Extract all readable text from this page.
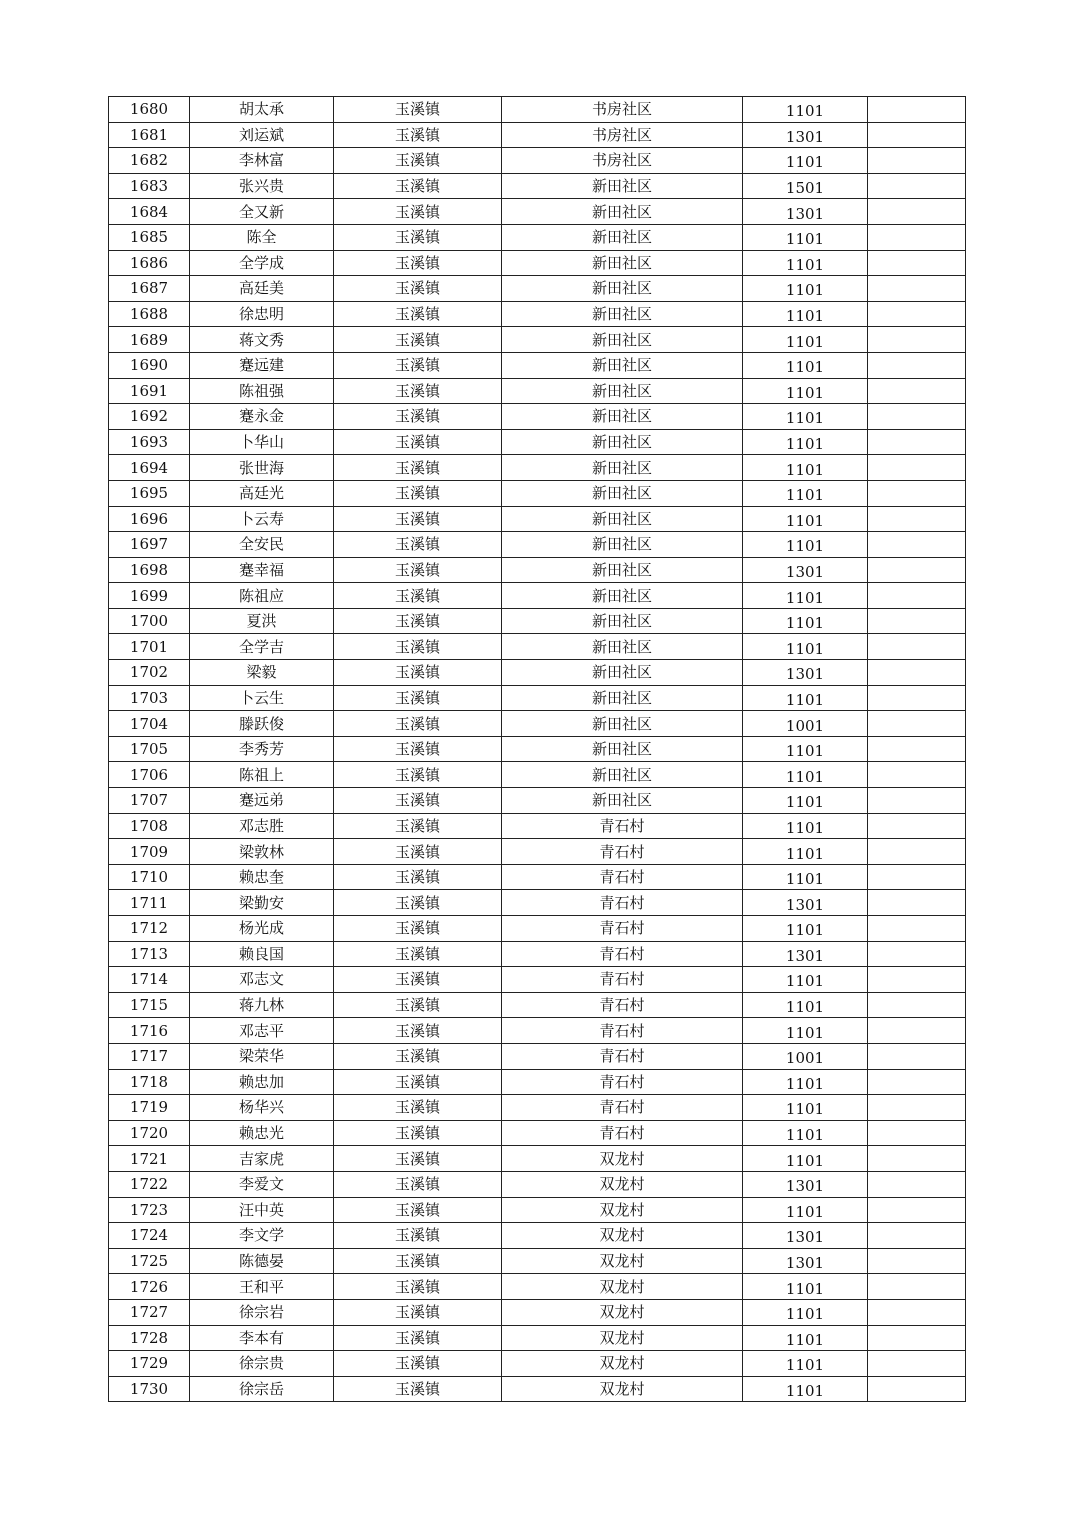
1680	胡太承	玉溪镇	书房社区	1101	
1681	刘运斌	玉溪镇	书房社区	1301	
1682	李林富	玉溪镇	书房社区	1101	
1683	张兴贵	玉溪镇	新田社区	1501	
1684	全又新	玉溪镇	新田社区	1301	
1685	陈全	玉溪镇	新田社区	1101	
1686	全学成	玉溪镇	新田社区	1101	
1687	高廷美	玉溪镇	新田社区	1101	
1688	徐忠明	玉溪镇	新田社区	1101	
1689	蒋文秀	玉溪镇	新田社区	1101	
1690	蹇远建	玉溪镇	新田社区	1101	
1691	陈祖强	玉溪镇	新田社区	1101	
1692	蹇永金	玉溪镇	新田社区	1101	
1693	卜华山	玉溪镇	新田社区	1101	
1694	张世海	玉溪镇	新田社区	1101	
1695	高廷光	玉溪镇	新田社区	1101	
1696	卜云寿	玉溪镇	新田社区	1101	
1697	全安民	玉溪镇	新田社区	1101	
1698	蹇幸福	玉溪镇	新田社区	1301	
1699	陈祖应	玉溪镇	新田社区	1101	
1700	夏洪	玉溪镇	新田社区	1101	
1701	全学吉	玉溪镇	新田社区	1101	
1702	梁毅	玉溪镇	新田社区	1301	
1703	卜云生	玉溪镇	新田社区	1101	
1704	滕跃俊	玉溪镇	新田社区	1001	
1705	李秀芳	玉溪镇	新田社区	1101	
1706	陈祖上	玉溪镇	新田社区	1101	
1707	蹇远弟	玉溪镇	新田社区	1101	
1708	邓志胜	玉溪镇	青石村	1101	
1709	梁敦林	玉溪镇	青石村	1101	
1710	赖忠奎	玉溪镇	青石村	1101	
1711	梁勤安	玉溪镇	青石村	1301	
1712	杨光成	玉溪镇	青石村	1101	
1713	赖良国	玉溪镇	青石村	1301	
1714	邓志文	玉溪镇	青石村	1101	
1715	蒋九林	玉溪镇	青石村	1101	
1716	邓志平	玉溪镇	青石村	1101	
1717	梁荣华	玉溪镇	青石村	1001	
1718	赖忠加	玉溪镇	青石村	1101	
1719	杨华兴	玉溪镇	青石村	1101	
1720	赖忠光	玉溪镇	青石村	1101	
1721	吉家虎	玉溪镇	双龙村	1101	
1722	李爱文	玉溪镇	双龙村	1301	
1723	汪中英	玉溪镇	双龙村	1101	
1724	李文学	玉溪镇	双龙村	1301	
1725	陈德晏	玉溪镇	双龙村	1301	
1726	王和平	玉溪镇	双龙村	1101	
1727	徐宗岩	玉溪镇	双龙村	1101	
1728	李本有	玉溪镇	双龙村	1101	
1729	徐宗贵	玉溪镇	双龙村	1101	
1730	徐宗岳	玉溪镇	双龙村	1101	
